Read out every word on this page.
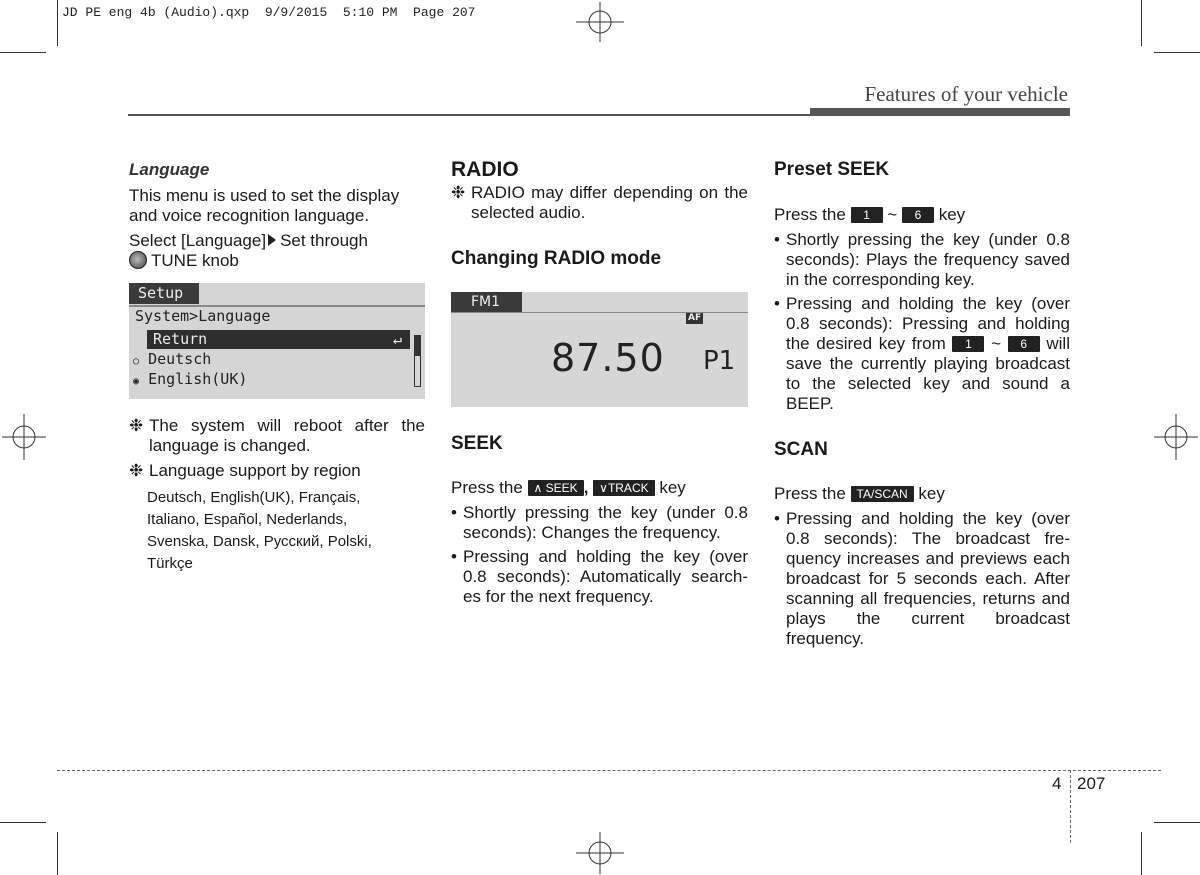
JD PE eng 4b (Audio).qxp  9/9/2015  5:10 PM  Page 207
Features of your vehicle

Language

This menu is used to set the display and voice recognition language.

Select [Language] Set through

TUNE knob

Setup
System>Language
Return	↵
○ Deutsch
◉ English(UK)
❉ The system will reboot after the language is changed.
❉ Language support by region
Deutsch, English(UK), Français,
Italiano, Español, Nederlands,
Svenska, Dansk, Русский, Polski,
Türkçe

RADIO

❉ RADIO may differ depending on the selected audio.

Changing RADIO mode

FM1
AF
87.50 P1

SEEK

Press the ∧ SEEK , ∨TRACK key

• Shortly pressing the key (under 0.8 seconds): Changes the frequency.
• Pressing and holding the key (over 0.8 seconds): Automatically search-es for the next frequency.

Preset SEEK

Press the 1 ~ 6 key

• Shortly pressing the key (under 0.8 seconds): Plays the frequency saved in the corresponding key.
• Pressing and holding the key (over 0.8 seconds): Pressing and holding the desired key from 1 ~ 6 will save the currently playing broadcast to the selected key and sound a BEEP.

SCAN

Press the TA/SCAN key

• Pressing and holding the key (over 0.8 seconds): The broadcast fre-quency increases and previews each broadcast for 5 seconds each. After scanning all frequencies, returns and plays the current broadcast frequency.
4 207
